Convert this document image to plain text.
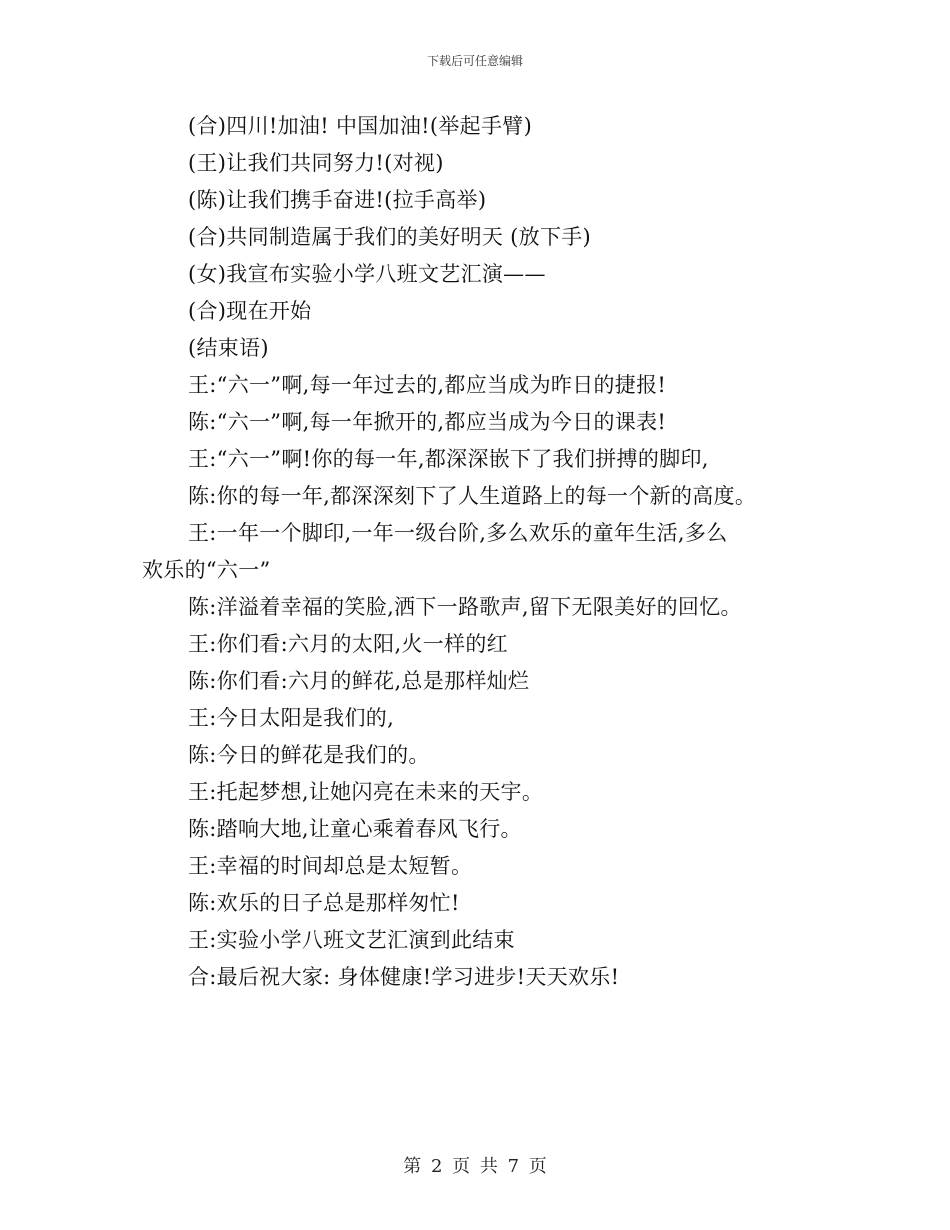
下载后可任意编辑

(合)四川!加油! 中国加油!(举起手臂)

(王)让我们共同努力!(对视)

(陈)让我们携手奋进!(拉手高举)

(合)共同制造属于我们的美好明天 (放下手)

(女)我宣布实验小学八班文艺汇演——

(合)现在开始

(结束语)

王:“六一”啊,每一年过去的,都应当成为昨日的捷报!

陈:“六一”啊,每一年掀开的,都应当成为今日的课表!

王:“六一”啊!你的每一年,都深深嵌下了我们拼搏的脚印,

陈:你的每一年,都深深刻下了人生道路上的每一个新的高度。

王:一年一个脚印,一年一级台阶,多么欢乐的童年生活,多么

欢乐的“六一”

陈:洋溢着幸福的笑脸,洒下一路歌声,留下无限美好的回忆。

王:你们看:六月的太阳,火一样的红

陈:你们看:六月的鲜花,总是那样灿烂

王:今日太阳是我们的,

陈:今日的鲜花是我们的。

王:托起梦想,让她闪亮在未来的天宇。

陈:踏响大地,让童心乘着春风飞行。

王:幸福的时间却总是太短暂。

陈:欢乐的日子总是那样匆忙!

王:实验小学八班文艺汇演到此结束

合:最后祝大家: 身体健康!学习进步!天天欢乐!

第 2 页 共 7 页
